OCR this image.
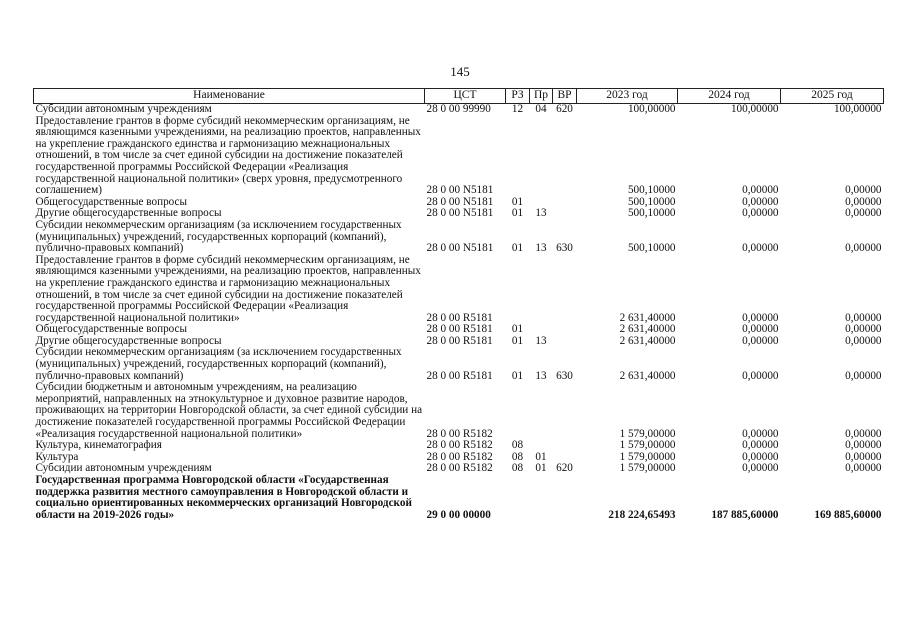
145
Наименование	ЦСТ	РЗ	Пр	ВР	2023 год	2024 год	2025 год
Субсидии автономным учреждениям	28 0 00 99990	12	04	620	100,00000	100,00000	100,00000
Предоставление грантов в форме субсидий некоммерческим организациям, не являющимся казенными учреждениями, на реализацию проектов, направленных на укрепление гражданского единства и гармонизацию межнациональных отношений, в том числе за счет единой субсидии на достижение показателей государственной программы Российской Федерации «Реализация государственной национальной политики» (сверх уровня, предусмотренного соглашением)	28 0 00 N5181				500,10000	0,00000	0,00000
Общегосударственные вопросы	28 0 00 N5181	01			500,10000	0,00000	0,00000
Другие общегосударственные вопросы	28 0 00 N5181	01	13		500,10000	0,00000	0,00000
Субсидии некоммерческим организациям (за исключением государственных (муниципальных) учреждений, государственных корпораций (компаний), публично-правовых компаний)	28 0 00 N5181	01	13	630	500,10000	0,00000	0,00000
Предоставление грантов в форме субсидий некоммерческим организациям, не являющимся казенными учреждениями, на реализацию проектов, направленных на укрепление гражданского единства и гармонизацию межнациональных отношений, в том числе за счет единой субсидии на достижение показателей государственной программы Российской Федерации «Реализация государственной национальной политики»	28 0 00 R5181				2 631,40000	0,00000	0,00000
Общегосударственные вопросы	28 0 00 R5181	01			2 631,40000	0,00000	0,00000
Другие общегосударственные вопросы	28 0 00 R5181	01	13		2 631,40000	0,00000	0,00000
Субсидии некоммерческим организациям (за исключением государственных (муниципальных) учреждений, государственных корпораций (компаний), публично-правовых компаний)	28 0 00 R5181	01	13	630	2 631,40000	0,00000	0,00000
Субсидии бюджетным и автономным учреждениям, на реализацию мероприятий, направленных на этнокультурное и духовное развитие народов, проживающих на территории Новгородской области, за счет единой субсидии на достижение показателей государственной программы Российской Федерации «Реализация государственной национальной политики»	28 0 00 R5182				1 579,00000	0,00000	0,00000
Культура, кинематография	28 0 00 R5182	08			1 579,00000	0,00000	0,00000
Культура	28 0 00 R5182	08	01		1 579,00000	0,00000	0,00000
Субсидии автономным учреждениям	28 0 00 R5182	08	01	620	1 579,00000	0,00000	0,00000
Государственная программа Новгородской области «Государственная поддержка развития местного самоуправления в Новгородской области и социально ориентированных некоммерческих организаций Новгородской области на 2019-2026 годы»	29 0 00 00000				218 224,65493	187 885,60000	169 885,60000
